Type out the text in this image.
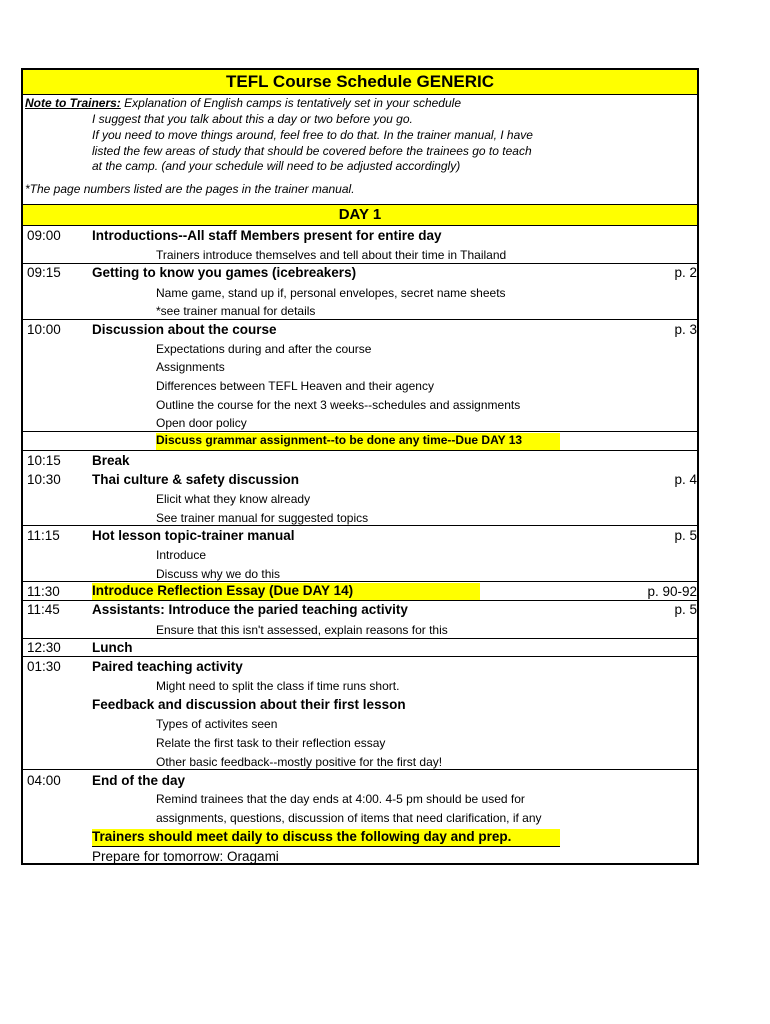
TEFL Course Schedule GENERIC
Note to Trainers: Explanation of English camps is tentatively set in your schedule
I suggest that you talk about this a day or two before you go.
If you need to move things around, feel free to do that. In the trainer manual, I have
listed the few areas of study that should be covered before the trainees go to teach
at the camp. (and your schedule will need to be adjusted accordingly)
*The page numbers listed are the pages in the trainer manual.
DAY 1
09:00 Introductions--All staff Members present for entire day
Trainers introduce themselves and tell about their time in Thailand
09:15 Getting to know you games (icebreakers)	p. 2
Name game, stand up if, personal envelopes, secret name sheets
*see trainer manual for details
10:00 Discussion about the course	p. 3
Expectations during and after the course
Assignments
Differences between TEFL Heaven and their agency
Outline the course for the next 3 weeks--schedules and assignments
Open door policy
Discuss grammar assignment--to be done any time--Due DAY 13
10:15 Break
10:30 Thai culture & safety discussion	p. 4
Elicit what they know already
See trainer manual for suggested topics
11:15 Hot lesson topic-trainer manual	p. 5
Introduce
Discuss why we do this
11:30 Introduce Reflection Essay (Due DAY 14)	p. 90-92
11:45 Assistants: Introduce the paried teaching activity	p. 5
Ensure that this isn't assessed, explain reasons for this
12:30 Lunch
01:30 Paired teaching activity
Might need to split the class if time runs short.
Feedback and discussion about their first lesson
Types of activites seen
Relate the first task to their reflection essay
Other basic feedback--mostly positive for the first day!
04:00 End of the day
Remind trainees that the day ends at 4:00. 4-5 pm should be used for
assignments, questions, discussion of items that need clarification, if any
Trainers should meet daily to discuss the following day and prep.
Prepare for tomorrow: Oragami
